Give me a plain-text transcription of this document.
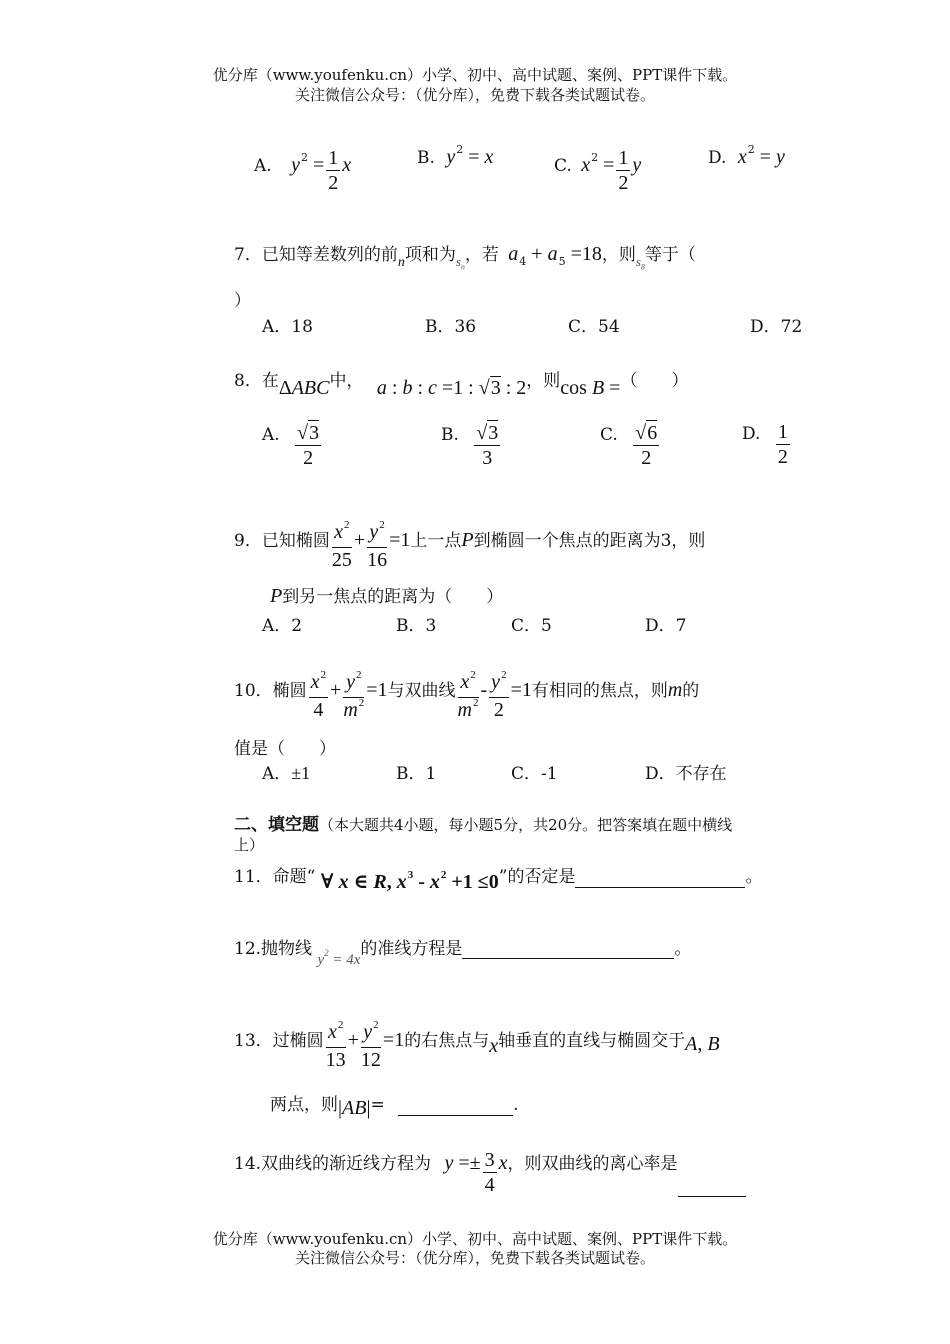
优分库（www.youfenku.cn）小学、初中、高中试题、案例、PPT课件下载。
关注微信公众号：（优分库），免费下载各类试题试卷。
A. $y^2 = \frac{1}{2}$ x	B. $y^2 = x$	C. $x^2 = \frac{1}{2}$ y	D. $x^2 = y$
7．已知等差数列的前$_n$项和为$_{s_n}$，若 $a_4 + a_5 =18$，则$_{s_8}$等于（
）
A．18	B．36	C．54	D．72
8．在ΔABC中， a : b : c =1 : √3 : 2，则cos B =（　　）
A. $\frac{√3}{2}$	B. $\frac{√3}{3}$	C. $\frac{√6}{2}$	D. $\frac{1}{2}$
9．已知椭圆 $\frac{x^2}{25} + \frac{y^2}{16} =1$上一点P到椭圆一个焦点的距离为3，则
P到另一焦点的距离为（　　）
A．2	B．3	C．5	D．7
10．椭圆 $\frac{x^2}{4} + \frac{y^2}{m^2} =1$与双曲线 $\frac{x^2}{m^2} - \frac{y^2}{2} =1$有相同的焦点，则m的
值是（　　）
A．±1	B．1	C．-1	D．不存在
二、填空题（本大题共4小题，每小题5分，共20分。把答案填在题中横线
上）
11．命题“ ∀ x ∈ R, $x^3 - x^2 +1 \le 0$”的否定是	。
12.抛物线 $y^2 = 4x$的准线方程是	。
13．过椭圆 $\frac{x^2}{13} + \frac{y^2}{12} =1$的右焦点与x轴垂直的直线与椭圆交于A, B
两点，则|AB|=	.
14.双曲线的渐近线方程为 $y =\pm \frac{3}{4}$ x，则双曲线的离心率是
优分库（www.youfenku.cn）小学、初中、高中试题、案例、PPT课件下载。
关注微信公众号：（优分库），免费下载各类试题试卷。
